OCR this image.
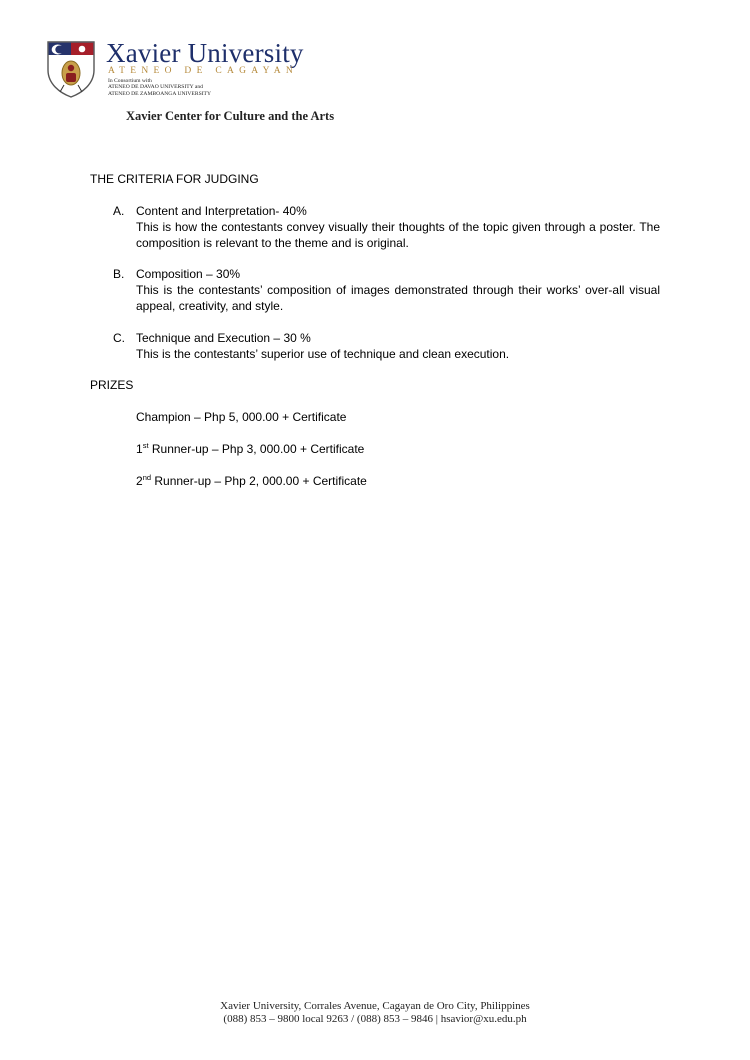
Xavier University
ATENEO DE CAGAYAN
In Consortium with
ATENEO DE DAVAO UNIVERSITY and
ATENEO DE ZAMBOANGA UNIVERSITY
Xavier Center for Culture and the Arts
THE CRITERIA FOR JUDGING
A. Content and Interpretation- 40%
This is how the contestants convey visually their thoughts of the topic given through a poster. The composition is relevant to the theme and is original.
B. Composition – 30%
This is the contestants’ composition of images demonstrated through their works’ over-all visual appeal, creativity, and style.
C. Technique and Execution – 30 %
This is the contestants’ superior use of technique and clean execution.
PRIZES
Champion – Php 5, 000.00 + Certificate
1st Runner-up – Php 3, 000.00 + Certificate
2nd Runner-up – Php 2, 000.00 + Certificate
Xavier University, Corrales Avenue, Cagayan de Oro City, Philippines
(088) 853 – 9800 local 9263 / (088) 853 – 9846 | hsavior@xu.edu.ph
